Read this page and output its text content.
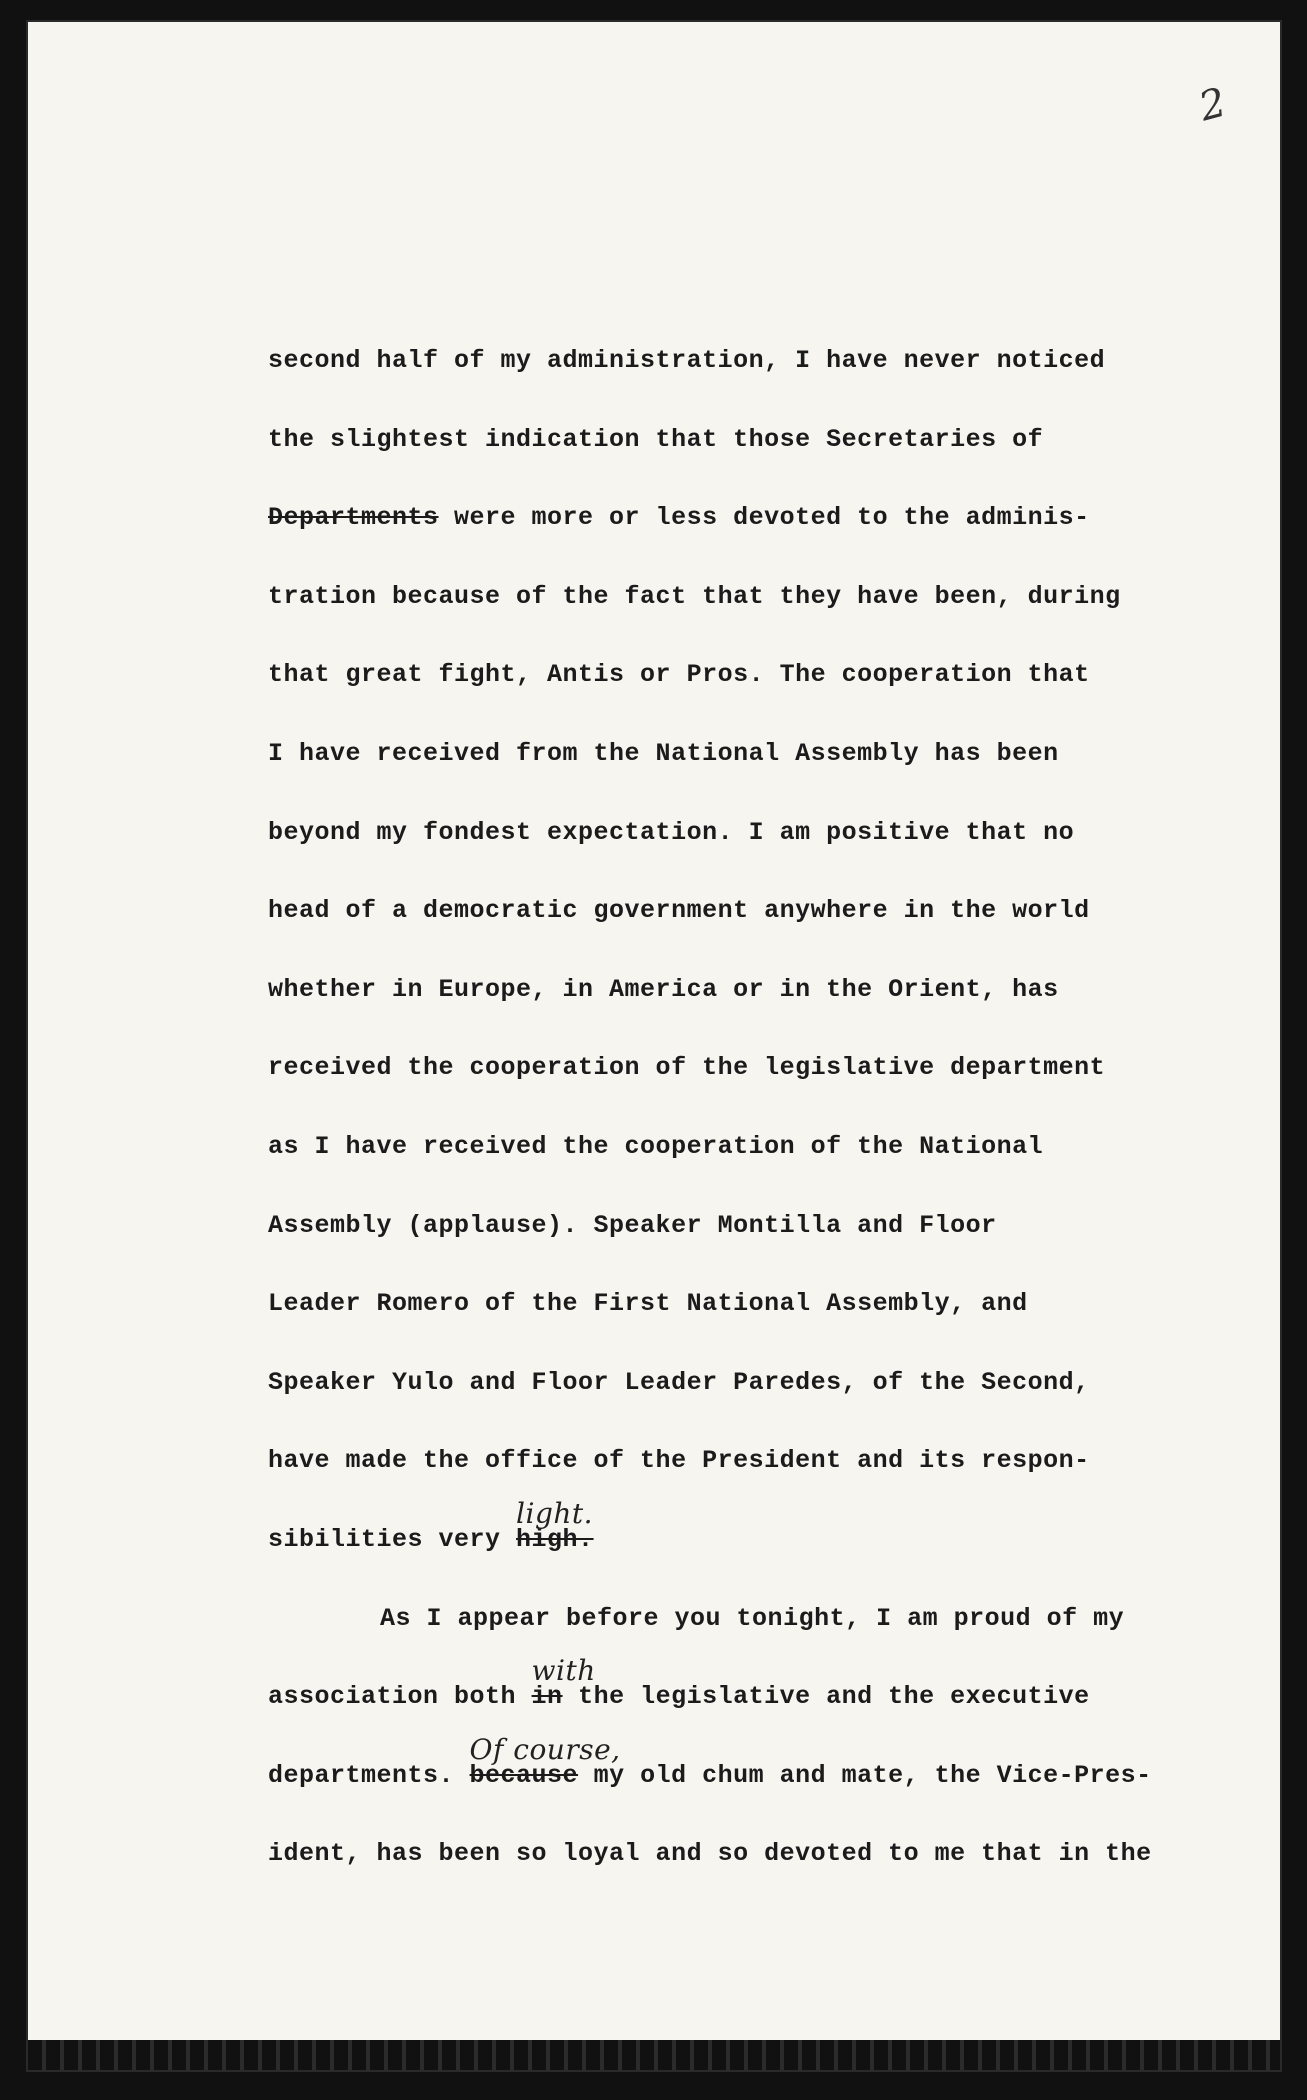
2
second half of my administration, I have never noticed
the slightest indication that those Secretaries of
Departments were more or less devoted to the adminis-
tration because of the fact that they have been, during
that great fight, Antis or Pros. The cooperation that
I have received from the National Assembly has been
beyond my fondest expectation. I am positive that no
head of a democratic government anywhere in the world
whether in Europe, in America or in the Orient, has
received the cooperation of the legislative department
as I have received the cooperation of the National
Assembly (applause). Speaker Montilla and Floor
Leader Romero of the First National Assembly, and
Speaker Yulo and Floor Leader Paredes, of the Second,
have made the office of the President and its respon-
sibilities very
light.
high.
As I appear before you tonight, I am proud of my
association both
with
in the legislative and the executive
departments.
Of course,
because my old chum and mate, the Vice-Pres-
ident, has been so loyal and so devoted to me that in the
